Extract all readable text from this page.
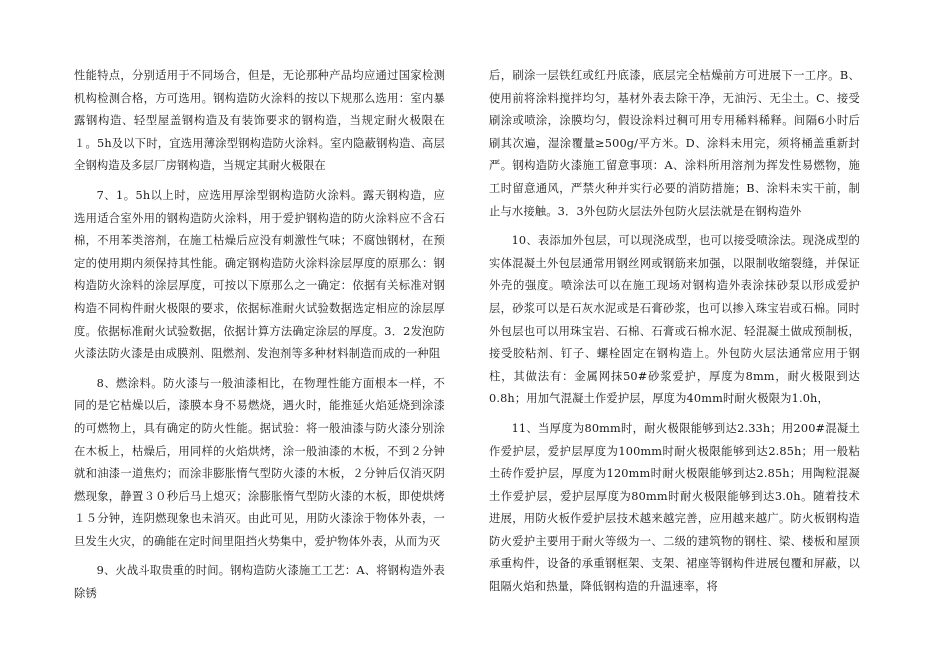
性能特点，分别适用于不同场合，但是，无论那种产品均应通过国家检测机构检测合格，方可选用。钢构造防火涂料的按以下规那么选用：室内暴露钢构造、轻型屋盖钢构造及有装饰要求的钢构造，当规定耐火极限在１。5h及以下时，宜选用薄涂型钢构造防火涂料。室内隐蔽钢构造、高层全钢构造及多层厂房钢构造，当规定其耐火极限在

7、1。5h以上时，应选用厚涂型钢构造防火涂料。露天钢构造，应选用适合室外用的钢构造防火涂料，用于爱护钢构造的防火涂料应不含石棉，不用苯类溶剂，在施工枯燥后应没有刺激性气味；不腐蚀钢材，在预定的使用期内须保持其性能。确定钢构造防火涂料涂层厚度的原那么：钢构造防火涂料的涂层厚度，可按以下原那么之一确定：依据有关标准对钢构造不同构件耐火极限的要求，依据标准耐火试验数据选定相应的涂层厚度。依据标准耐火试验数据，依据计算方法确定涂层的厚度。3．2发泡防火漆法防火漆是由成膜剂、阻燃剂、发泡剂等多种材料制造而成的一种阻

8、燃涂料。防火漆与一般油漆相比，在物理性能方面根本一样，不同的是它枯燥以后，漆膜本身不易燃烧，遇火时，能推延火焰延烧到涂漆的可燃物上，具有确定的防火性能。据试验：将一般油漆与防火漆分别涂在木板上，枯燥后，用同样的火焰烘烤，涂一般油漆的木板，不到２分钟就和油漆一道焦灼；而涂非膨胀惰气型防火漆的木板，２分钟后仅消灭阴燃现象，静置３０秒后马上熄灭；涂膨胀惰气型防火漆的木板，即使烘烤１５分钟，连阴燃现象也未消灭。由此可见，用防火漆涂于物体外表，一旦发生火灾，的确能在定时间里阻挡火势集中，爱护物体外表，从而为灭

9、火战斗取贵重的时间。钢构造防火漆施工工艺：A、将钢构造外表除锈

后，刷涂一层铁红或红丹底漆，底层完全枯燥前方可进展下一工序。B、使用前将涂料搅拌均匀，基材外表去除干净，无油污、无尘土。C、接受刷涂或喷涂，涂膜均匀，假设涂料过稠可用专用稀料稀释。间隔6小时后刷其次遍，湿涂覆量≥500g/平方米。D、涂料未用完，须将桶盖重新封严。钢构造防火漆施工留意事项：A、涂料所用溶剂为挥发性易燃物，施工时留意通风，严禁火种并实行必要的消防措施；B、涂料未实干前，制止与水接触。3．3外包防火层法外包防火层法就是在钢构造外

10、表添加外包层，可以现浇成型，也可以接受喷涂法。现浇成型的实体混凝土外包层通常用钢丝网或钢筋来加强，以限制收缩裂缝，并保证外壳的强度。喷涂法可以在施工现场对钢构造外表涂抹砂泵以形成爱护层，砂浆可以是石灰水泥或是石膏砂浆，也可以掺入珠宝岩或石棉。同时外包层也可以用珠宝岩、石棉、石膏或石棉水泥、轻混凝土做成预制板，接受胶粘剂、钉子、螺栓固定在钢构造上。外包防火层法通常应用于钢柱，其做法有：金属网抹50#砂浆爱护，厚度为8mm，耐火极限到达0.8h；用加气混凝土作爱护层，厚度为40mm时耐火极限为1.0h，

11、当厚度为80mm时，耐火极限能够到达2.33h；用200#混凝土作爱护层，爱护层厚度为100mm时耐火极限能够到达2.85h；用一般粘土砖作爱护层，厚度为120mm时耐火极限能够到达2.85h；用陶粒混凝土作爱护层，爱护层厚度为80mm时耐火极限能够到达3.0h。随着技术进展，用防火板作爱护层技术越来越完善，应用越来越广。防火板钢构造防火爱护主要用于耐火等级为一、二级的建筑物的钢柱、梁、楼板和屋顶承重构件，设备的承重钢框架、支架、裙座等钢构件进展包覆和屏蔽，以阻隔火焰和热量，降低钢构造的升温速率，将
